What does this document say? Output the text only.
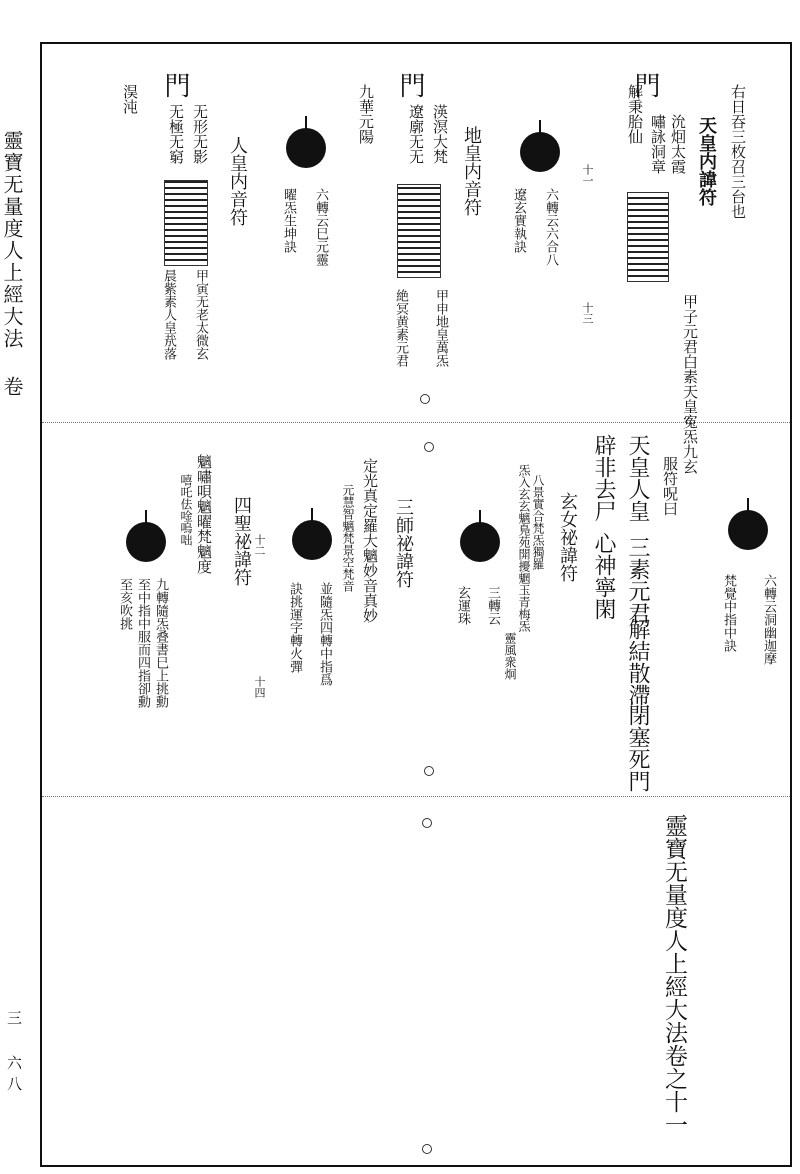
靈寶无量度人上經大法 卷
三 六八
右日吞三枚召三台也
天皇内諱符
門
沇𤇆太霞
嘯詠洞章
解秉胎仙
十一
甲子元君白素天皇寃炁九玄
六轉云六合八
遼玄實執訣
十三
地皇内音符
門
渶溟大梵
遼廓无无
九華元陽
甲申地皇萬炁
絶冥黄素元君
六轉云巳元靈
曜炁生坤訣
人皇内音符
門
无形无影
无極无窮
淏沌
甲寅无老太微玄
晨紫素人皇㢤落
六轉云洞幽迦摩
梵覺中指中訣
服符呪曰
天皇人皇
三素元君
解結散滯
閉塞死門
辟非去尸
心神寧閑
玄女祕諱符
八景實合梵炁獨羅
炁入玄玄魑鳬苑開擾魍玉青梅炁
靈風衆炯
三轉云
玄運珠
三師祕諱符
定光真定羅大魑妙音真妙
元慧智魑梵景空梵音
並隨炁四轉中指爲
訣挑運字轉火彈
四聖祕諱符
魑嘯唄魑曜梵魑度
嘻吒佉唫嗚咄
十四
十二
九轉隨炁叠書巳上挑勳
至中指中服而四指卻勳
至亥吹挑
靈寶无量度人上經大法卷之十一
